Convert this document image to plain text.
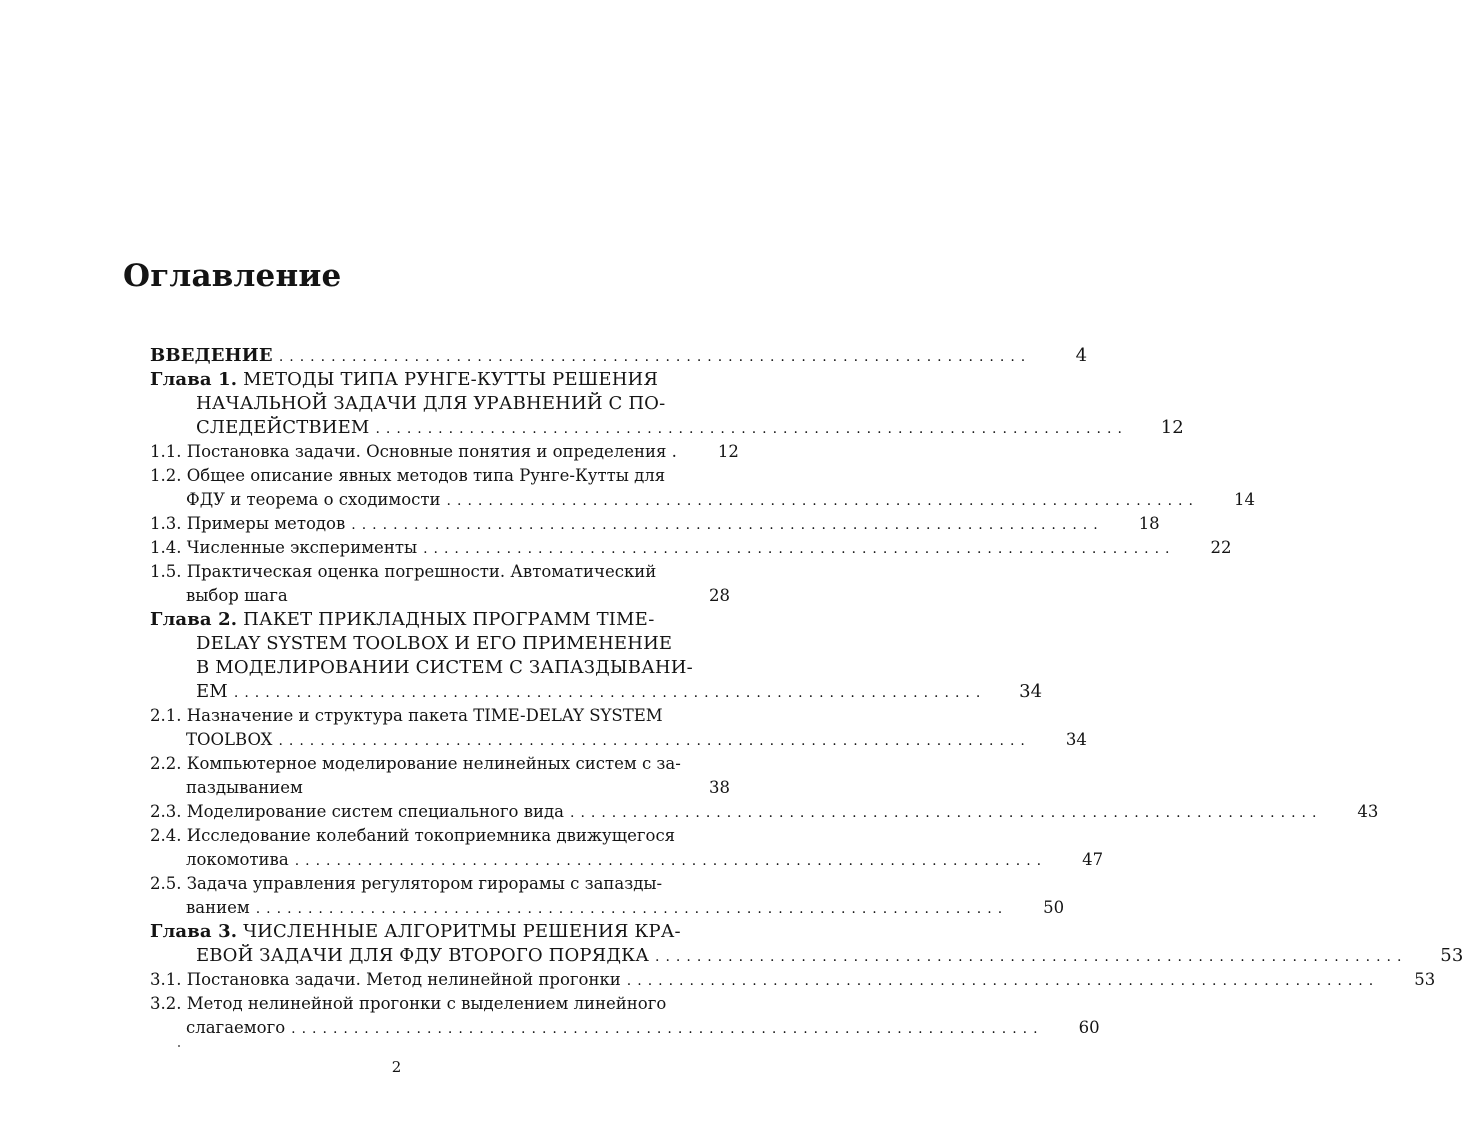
Оглавление
ВВЕДЕНИЕ ........................................................................	4
Глава 1. МЕТОДЫ ТИПА РУНГЕ-КУТТЫ РЕШЕНИЯ
НАЧАЛЬНОЙ ЗАДАЧИ ДЛЯ УРАВНЕНИЙ С ПО-
СЛЕДЕЙСТВИЕМ ........................................................................	12
1.1. Постановка задачи. Основные понятия и определения .	12
1.2. Общее описание явных методов типа Рунге-Кутты для
ФДУ и теорема о сходимости ........................................................................	14
1.3. Примеры методов ........................................................................	18
1.4. Численные эксперименты ........................................................................	22
1.5. Практическая оценка погрешности. Автоматический
выбор шага	28
Глава 2. ПАКЕТ ПРИКЛАДНЫХ ПРОГРАММ TIME-
DELAY SYSTEM TOOLBOX И ЕГО ПРИМЕНЕНИЕ
В МОДЕЛИРОВАНИИ СИСТЕМ С ЗАПАЗДЫВАНИ-
ЕМ ........................................................................	34
2.1. Назначение и структура пакета TIME-DELAY SYSTEM
TOOLBOX ........................................................................	34
2.2. Компьютерное моделирование нелинейных систем с за-
паздыванием	38
2.3. Моделирование систем специального вида ........................................................................	43
2.4. Исследование колебаний токоприемника движущегося
локомотива ........................................................................	47
2.5. Задача управления регулятором гирорамы с запазды-
ванием ........................................................................	50
Глава 3. ЧИСЛЕННЫЕ АЛГОРИТМЫ РЕШЕНИЯ КРА-
ЕВОЙ ЗАДАЧИ ДЛЯ ФДУ ВТОРОГО ПОРЯДКА ........................................................................	53
3.1. Постановка задачи. Метод нелинейной прогонки ........................................................................	53
3.2. Метод нелинейной прогонки с выделением линейного
слагаемого ........................................................................	60
2
